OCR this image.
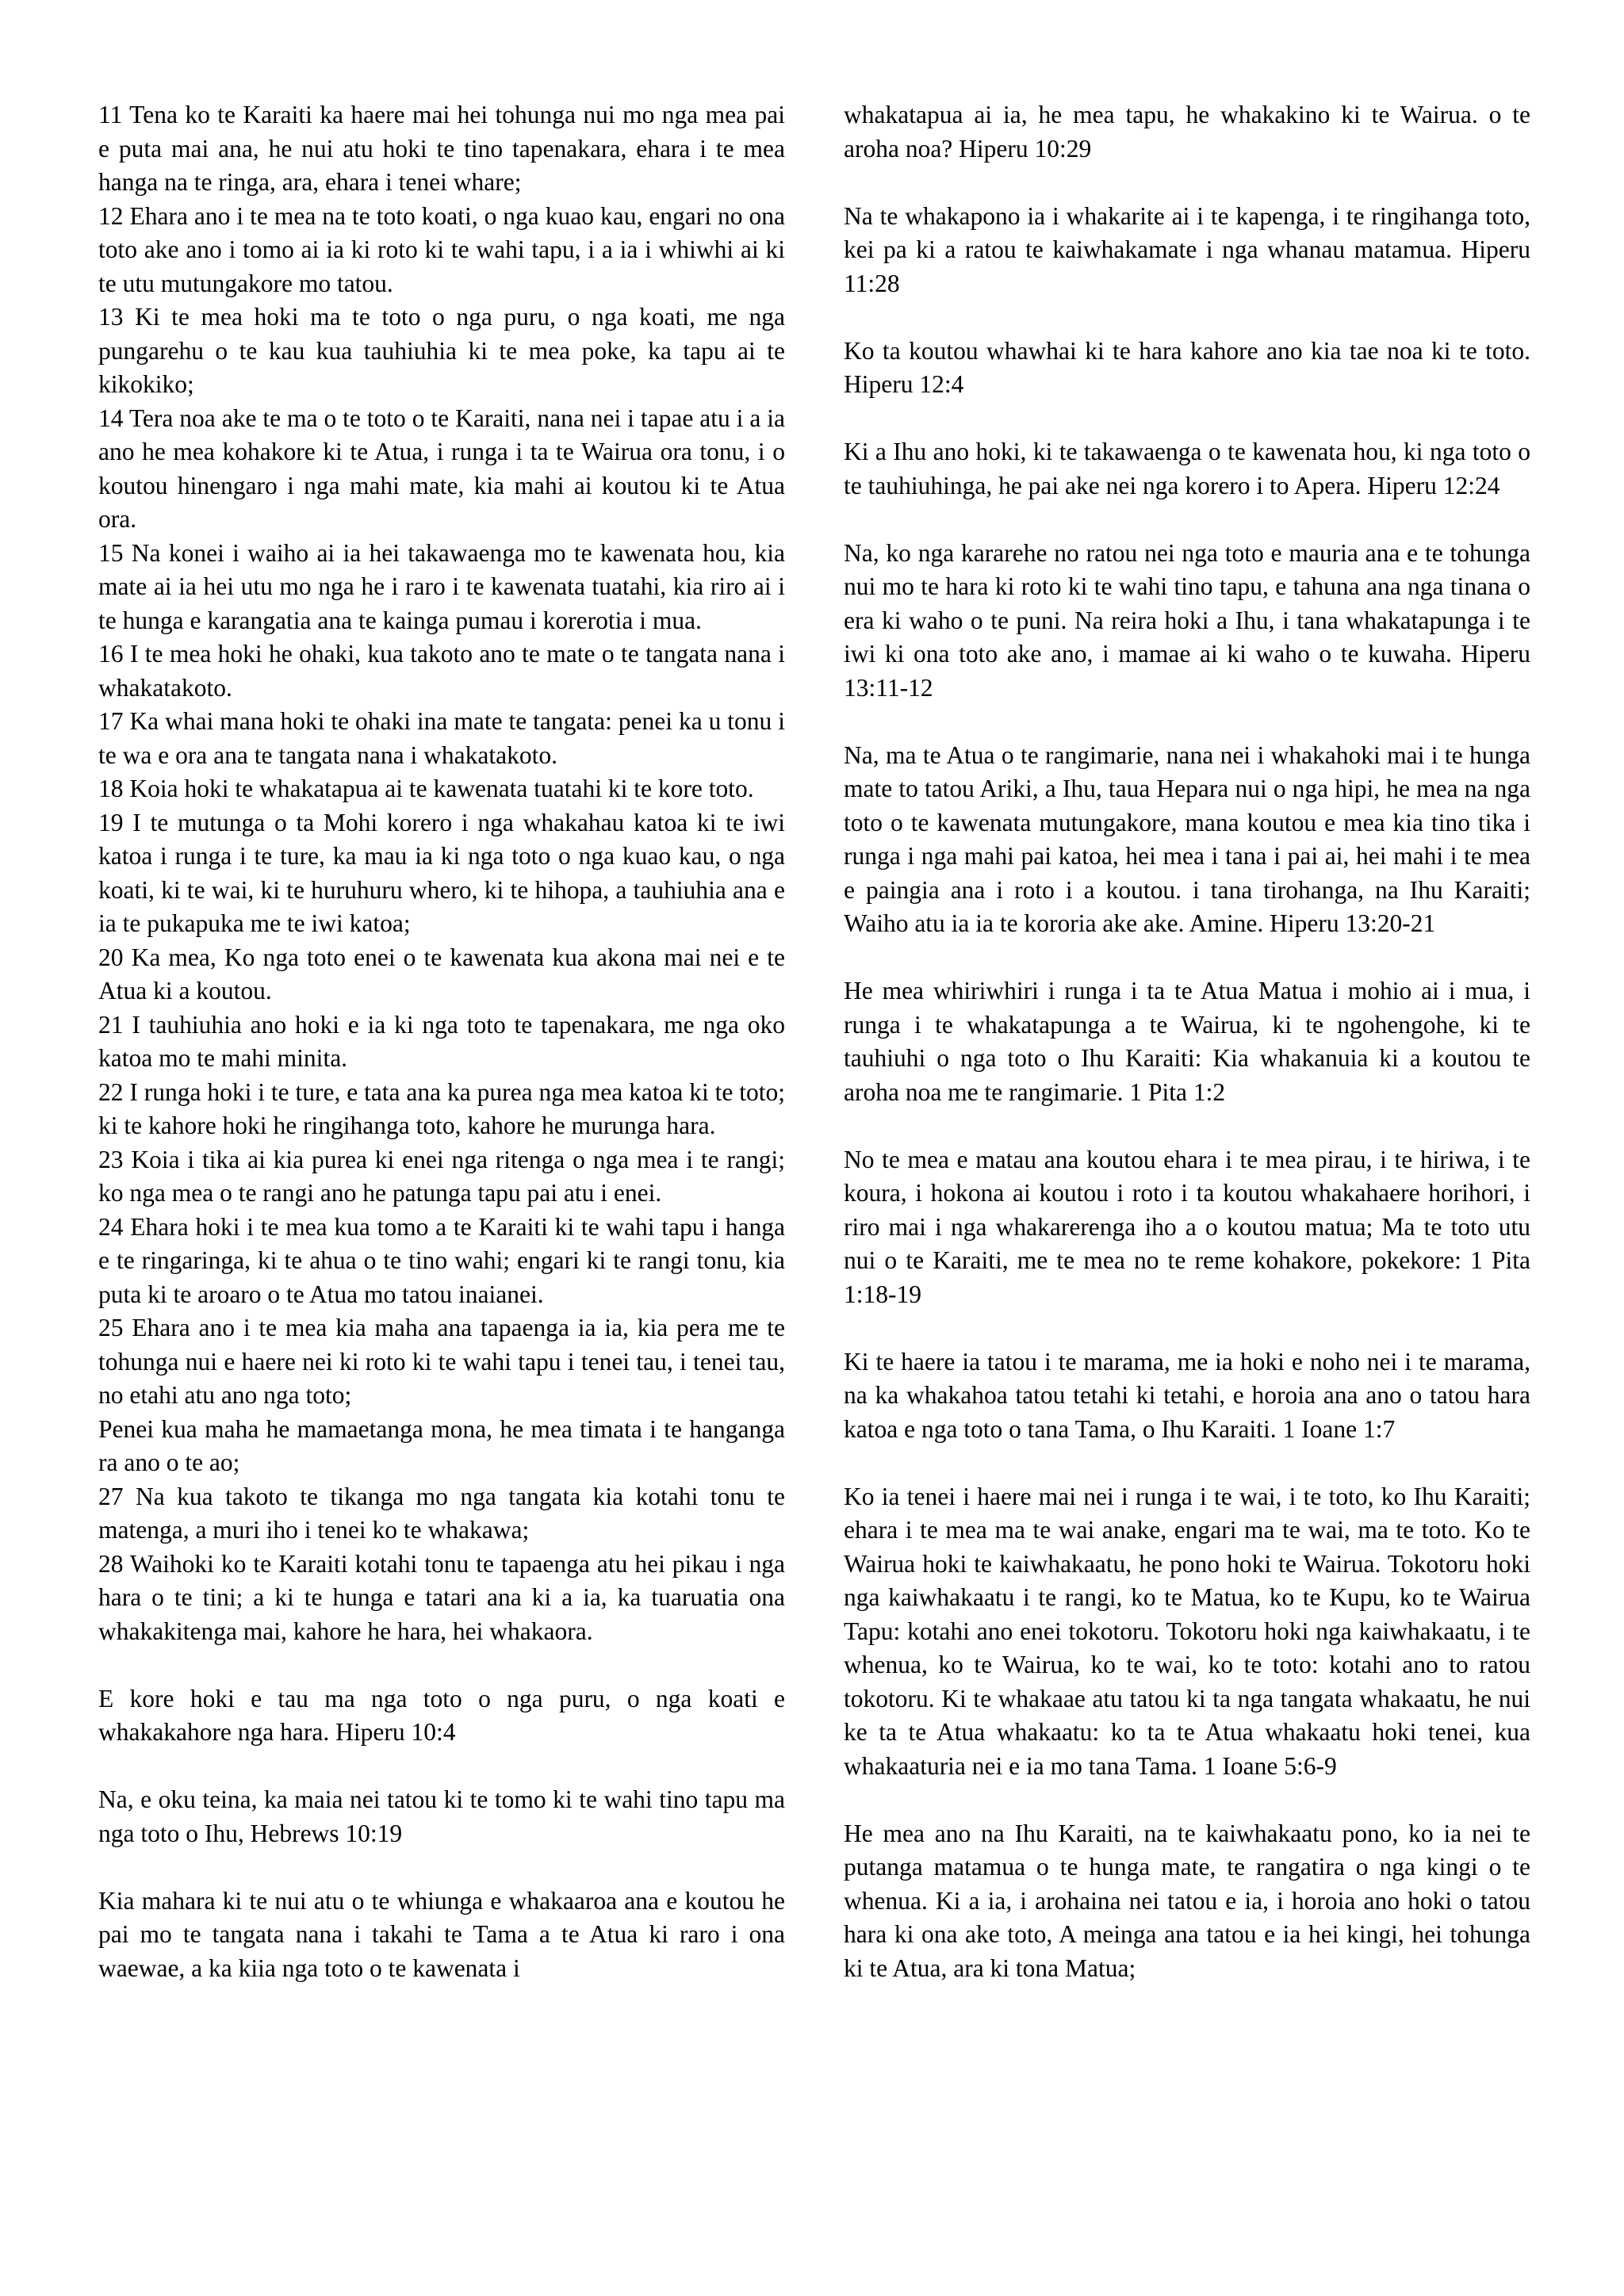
11 Tena ko te Karaiti ka haere mai hei tohunga nui mo nga mea pai e puta mai ana, he nui atu hoki te tino tapenakara, ehara i te mea hanga na te ringa, ara, ehara i tenei whare;

12 Ehara ano i te mea na te toto koati, o nga kuao kau, engari no ona toto ake ano i tomo ai ia ki roto ki te wahi tapu, i a ia i whiwhi ai ki te utu mutungakore mo tatou.

13 Ki te mea hoki ma te toto o nga puru, o nga koati, me nga pungarehu o te kau kua tauhiuhia ki te mea poke, ka tapu ai te kikokiko;

14 Tera noa ake te ma o te toto o te Karaiti, nana nei i tapae atu i a ia ano he mea kohakore ki te Atua, i runga i ta te Wairua ora tonu, i o koutou hinengaro i nga mahi mate, kia mahi ai koutou ki te Atua ora.

15 Na konei i waiho ai ia hei takawaenga mo te kawenata hou, kia mate ai ia hei utu mo nga he i raro i te kawenata tuatahi, kia riro ai i te hunga e karangatia ana te kainga pumau i korerotia i mua.

16 I te mea hoki he ohaki, kua takoto ano te mate o te tangata nana i whakatakoto.

17 Ka whai mana hoki te ohaki ina mate te tangata: penei ka u tonu i te wa e ora ana te tangata nana i whakatakoto.

18 Koia hoki te whakatapua ai te kawenata tuatahi ki te kore toto.

19 I te mutunga o ta Mohi korero i nga whakahau katoa ki te iwi katoa i runga i te ture, ka mau ia ki nga toto o nga kuao kau, o nga koati, ki te wai, ki te huruhuru whero, ki te hihopa, a tauhiuhia ana e ia te pukapuka me te iwi katoa;

20 Ka mea, Ko nga toto enei o te kawenata kua akona mai nei e te Atua ki a koutou.

21 I tauhiuhia ano hoki e ia ki nga toto te tapenakara, me nga oko katoa mo te mahi minita.

22 I runga hoki i te ture, e tata ana ka purea nga mea katoa ki te toto; ki te kahore hoki he ringihanga toto, kahore he murunga hara.

23 Koia i tika ai kia purea ki enei nga ritenga o nga mea i te rangi; ko nga mea o te rangi ano he patunga tapu pai atu i enei.

24 Ehara hoki i te mea kua tomo a te Karaiti ki te wahi tapu i hanga e te ringaringa, ki te ahua o te tino wahi; engari ki te rangi tonu, kia puta ki te aroaro o te Atua mo tatou inaianei.

25 Ehara ano i te mea kia maha ana tapaenga ia ia, kia pera me te tohunga nui e haere nei ki roto ki te wahi tapu i tenei tau, i tenei tau, no etahi atu ano nga toto;

Penei kua maha he mamaetanga mona, he mea timata i te hanganga ra ano o te ao;

27 Na kua takoto te tikanga mo nga tangata kia kotahi tonu te matenga, a muri iho i tenei ko te whakawa;

28 Waihoki ko te Karaiti kotahi tonu te tapaenga atu hei pikau i nga hara o te tini; a ki te hunga e tatari ana ki a ia, ka tuaruatia ona whakakitenga mai, kahore he hara, hei whakaora.

E kore hoki e tau ma nga toto o nga puru, o nga koati e whakakahore nga hara. Hiperu 10:4

Na, e oku teina, ka maia nei tatou ki te tomo ki te wahi tino tapu ma nga toto o Ihu, Hebrews 10:19

Kia mahara ki te nui atu o te whiunga e whakaaroa ana e koutou he pai mo te tangata nana i takahi te Tama a te Atua ki raro i ona waewae, a ka kiia nga toto o te kawenata i

whakatapua ai ia, he mea tapu, he whakakino ki te Wairua. o te aroha noa? Hiperu 10:29

Na te whakapono ia i whakarite ai i te kapenga, i te ringihanga toto, kei pa ki a ratou te kaiwhakamate i nga whanau matamua. Hiperu 11:28

Ko ta koutou whawhai ki te hara kahore ano kia tae noa ki te toto. Hiperu 12:4

Ki a Ihu ano hoki, ki te takawaenga o te kawenata hou, ki nga toto o te tauhiuhinga, he pai ake nei nga korero i to Apera. Hiperu 12:24

Na, ko nga kararehe no ratou nei nga toto e mauria ana e te tohunga nui mo te hara ki roto ki te wahi tino tapu, e tahuna ana nga tinana o era ki waho o te puni. Na reira hoki a Ihu, i tana whakatapunga i te iwi ki ona toto ake ano, i mamae ai ki waho o te kuwaha. Hiperu 13:11-12

Na, ma te Atua o te rangimarie, nana nei i whakahoki mai i te hunga mate to tatou Ariki, a Ihu, taua Hepara nui o nga hipi, he mea na nga toto o te kawenata mutungakore, mana koutou e mea kia tino tika i runga i nga mahi pai katoa, hei mea i tana i pai ai, hei mahi i te mea e paingia ana i roto i a koutou. i tana tirohanga, na Ihu Karaiti; Waiho atu ia ia te kororia ake ake. Amine. Hiperu 13:20-21

He mea whiriwhiri i runga i ta te Atua Matua i mohio ai i mua, i runga i te whakatapunga a te Wairua, ki te ngohengohe, ki te tauhiuhi o nga toto o Ihu Karaiti: Kia whakanuia ki a koutou te aroha noa me te rangimarie. 1 Pita 1:2

No te mea e matau ana koutou ehara i te mea pirau, i te hiriwa, i te koura, i hokona ai koutou i roto i ta koutou whakahaere horihori, i riro mai i nga whakarerenga iho a o koutou matua; Ma te toto utu nui o te Karaiti, me te mea no te reme kohakore, pokekore: 1 Pita 1:18-19

Ki te haere ia tatou i te marama, me ia hoki e noho nei i te marama, na ka whakahoa tatou tetahi ki tetahi, e horoia ana ano o tatou hara katoa e nga toto o tana Tama, o Ihu Karaiti. 1 Ioane 1:7

Ko ia tenei i haere mai nei i runga i te wai, i te toto, ko Ihu Karaiti; ehara i te mea ma te wai anake, engari ma te wai, ma te toto. Ko te Wairua hoki te kaiwhakaatu, he pono hoki te Wairua. Tokotoru hoki nga kaiwhakaatu i te rangi, ko te Matua, ko te Kupu, ko te Wairua Tapu: kotahi ano enei tokotoru. Tokotoru hoki nga kaiwhakaatu, i te whenua, ko te Wairua, ko te wai, ko te toto: kotahi ano to ratou tokotoru. Ki te whakaae atu tatou ki ta nga tangata whakaatu, he nui ke ta te Atua whakaatu: ko ta te Atua whakaatu hoki tenei, kua whakaaturia nei e ia mo tana Tama. 1 Ioane 5:6-9

He mea ano na Ihu Karaiti, na te kaiwhakaatu pono, ko ia nei te putanga matamua o te hunga mate, te rangatira o nga kingi o te whenua. Ki a ia, i arohaina nei tatou e ia, i horoia ano hoki o tatou hara ki ona ake toto, A meinga ana tatou e ia hei kingi, hei tohunga ki te Atua, ara ki tona Matua;
